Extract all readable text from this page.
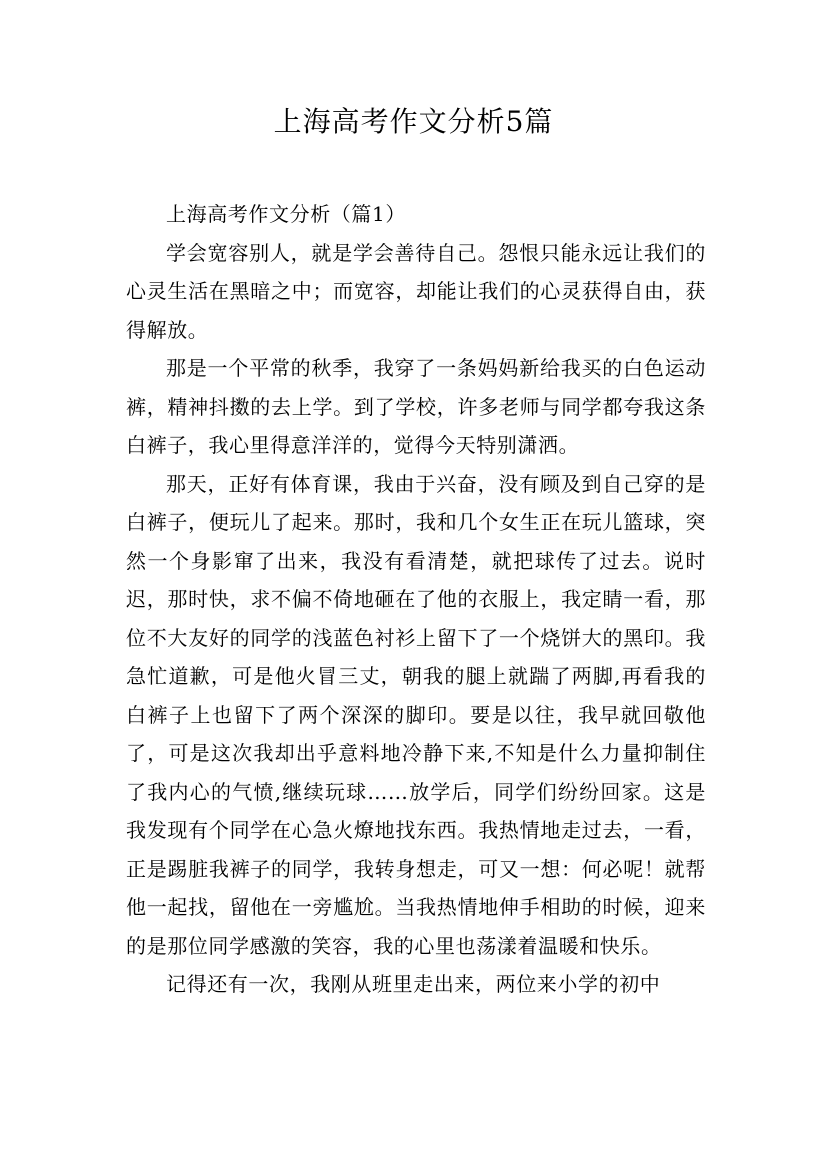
上海高考作文分析5篇

上海高考作文分析（篇1）

学会宽容别人，就是学会善待自己。怨恨只能永远让我们的心灵生活在黑暗之中；而宽容，却能让我们的心灵获得自由，获得解放。

那是一个平常的秋季，我穿了一条妈妈新给我买的白色运动裤，精神抖擞的去上学。到了学校，许多老师与同学都夸我这条白裤子，我心里得意洋洋的，觉得今天特别潇洒。

那天，正好有体育课，我由于兴奋，没有顾及到自己穿的是白裤子，便玩儿了起来。那时，我和几个女生正在玩儿篮球，突然一个身影窜了出来，我没有看清楚，就把球传了过去。说时迟，那时快，求不偏不倚地砸在了他的衣服上，我定睛一看，那位不大友好的同学的浅蓝色衬衫上留下了一个烧饼大的黑印。我急忙道歉，可是他火冒三丈，朝我的腿上就踹了两脚,再看我的白裤子上也留下了两个深深的脚印。要是以往，我早就回敬他了，可是这次我却出乎意料地冷静下来,不知是什么力量抑制住了我内心的气愤,继续玩球……放学后，同学们纷纷回家。这是我发现有个同学在心急火燎地找东西。我热情地走过去，一看，正是踢脏我裤子的同学，我转身想走，可又一想：何必呢！就帮他一起找，留他在一旁尴尬。当我热情地伸手相助的时候，迎来的是那位同学感激的笑容，我的心里也荡漾着温暖和快乐。

记得还有一次，我刚从班里走出来，两位来小学的初中
